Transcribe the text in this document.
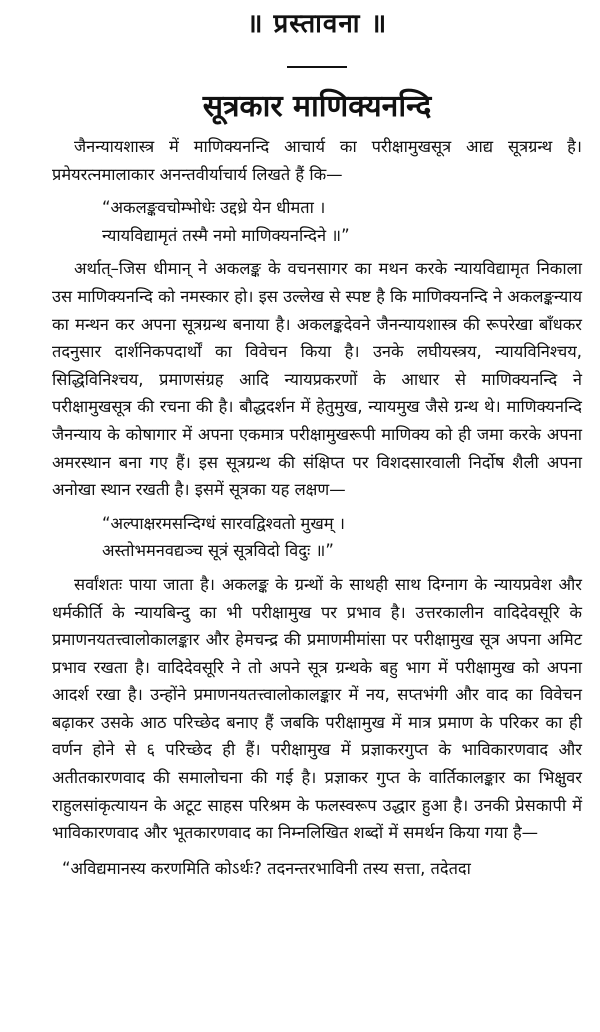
॥ प्रस्तावना ॥
सूत्रकार माणिक्यनन्दि

जैनन्यायशास्त्र में माणिक्यनन्दि आचार्य का परीक्षामुखसूत्र आद्य सूत्रग्रन्थ है। प्रमेयरत्नमालाकार अनन्तवीर्याचार्य लिखते हैं कि—

“अकलङ्कवचोम्भोधेः उद्दध्रे येन धीमता ।
न्यायविद्यामृतं तस्मै नमो माणिक्यनन्दिने ॥”

अर्थात्–जिस धीमान् ने अकलङ्क के वचनसागर का मथन करके न्यायविद्यामृत निकाला उस माणिक्यनन्दि को नमस्कार हो। इस उल्लेख से स्पष्ट है कि माणिक्यनन्दि ने अकलङ्कन्याय का मन्थन कर अपना सूत्रग्रन्थ बनाया है। अकलङ्कदेवने जैनन्यायशास्त्र की रूपरेखा बाँधकर तदनुसार दार्शनिकपदार्थों का विवेचन किया है। उनके लघीयस्त्रय, न्यायविनिश्चय, सिद्धिविनिश्चय, प्रमाणसंग्रह आदि न्यायप्रकरणों के आधार से माणिक्यनन्दि ने परीक्षामुखसूत्र की रचना की है। बौद्धदर्शन में हेतुमुख, न्यायमुख जैसे ग्रन्थ थे। माणिक्यनन्दि जैनन्याय के कोषागार में अपना एकमात्र परीक्षामुखरूपी माणिक्य को ही जमा करके अपना अमरस्थान बना गए हैं। इस सूत्रग्रन्थ की संक्षिप्त पर विशदसारवाली निर्दोष शैली अपना अनोखा स्थान रखती है। इसमें सूत्रका यह लक्षण—

“अल्पाक्षरमसन्दिग्धं सारवद्विश्वतो मुखम् ।
अस्तोभमनवद्यञ्च सूत्रं सूत्रविदो विदुः ॥”

सर्वांशतः पाया जाता है। अकलङ्क के ग्रन्थों के साथही साथ दिग्नाग के न्यायप्रवेश और धर्मकीर्ति के न्यायबिन्दु का भी परीक्षामुख पर प्रभाव है। उत्तरकालीन वादिदेवसूरि के प्रमाणनयतत्त्वालोकालङ्कार और हेमचन्द्र की प्रमाणमीमांसा पर परीक्षामुख सूत्र अपना अमिट प्रभाव रखता है। वादिदेवसूरि ने तो अपने सूत्र ग्रन्थके बहु भाग में परीक्षामुख को अपना आदर्श रखा है। उन्होंने प्रमाणनयतत्त्वालोकालङ्कार में नय, सप्तभंगी और वाद का विवेचन बढ़ाकर उसके आठ परिच्छेद बनाए हैं जबकि परीक्षामुख में मात्र प्रमाण के परिकर का ही वर्णन होने से ६ परिच्छेद ही हैं। परीक्षामुख में प्रज्ञाकरगुप्त के भाविकारणवाद और अतीतकारणवाद की समालोचना की गई है। प्रज्ञाकर गुप्त के वार्तिकालङ्कार का भिक्षुवर राहुलसांकृत्यायन के अटूट साहस परिश्रम के फलस्वरूप उद्धार हुआ है। उनकी प्रेसकापी में भाविकारणवाद और भूतकारणवाद का निम्नलिखित शब्दों में समर्थन किया गया है—

“अविद्यमानस्य करणमिति कोऽर्थः? तदनन्तरभाविनी तस्य सत्ता, तदेतदा
